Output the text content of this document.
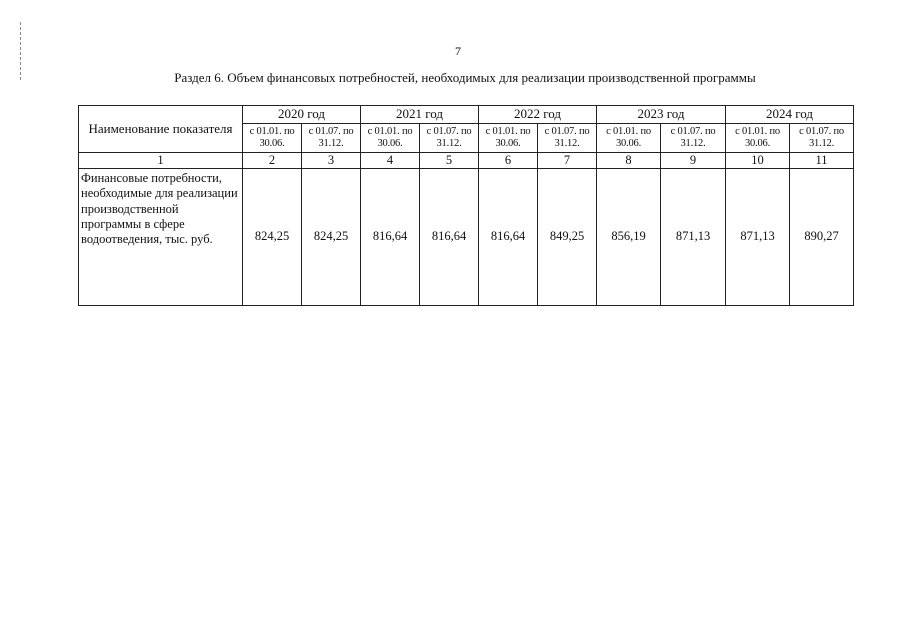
7
Раздел 6. Объем финансовых потребностей, необходимых для реализации производственной программы
Наименование показателя	2020 год		2021 год		2022 год		2023 год		2024 год	
	с 01.01. по 30.06.	с 01.07. по 31.12.	с 01.01. по 30.06.	с 01.07. по 31.12.	с 01.01. по 30.06.	с 01.07. по 31.12.	с 01.01. по 30.06.	с 01.07. по 31.12.	с 01.01. по 30.06.	с 01.07. по 31.12.
1	2	3	4	5	6	7	8	9	10	11
Финансовые потребности, необходимые для реализации производственной программы в сфере водоотведения, тыс. руб.	824,25	824,25	816,64	816,64	816,64	849,25	856,19	871,13	871,13	890,27
